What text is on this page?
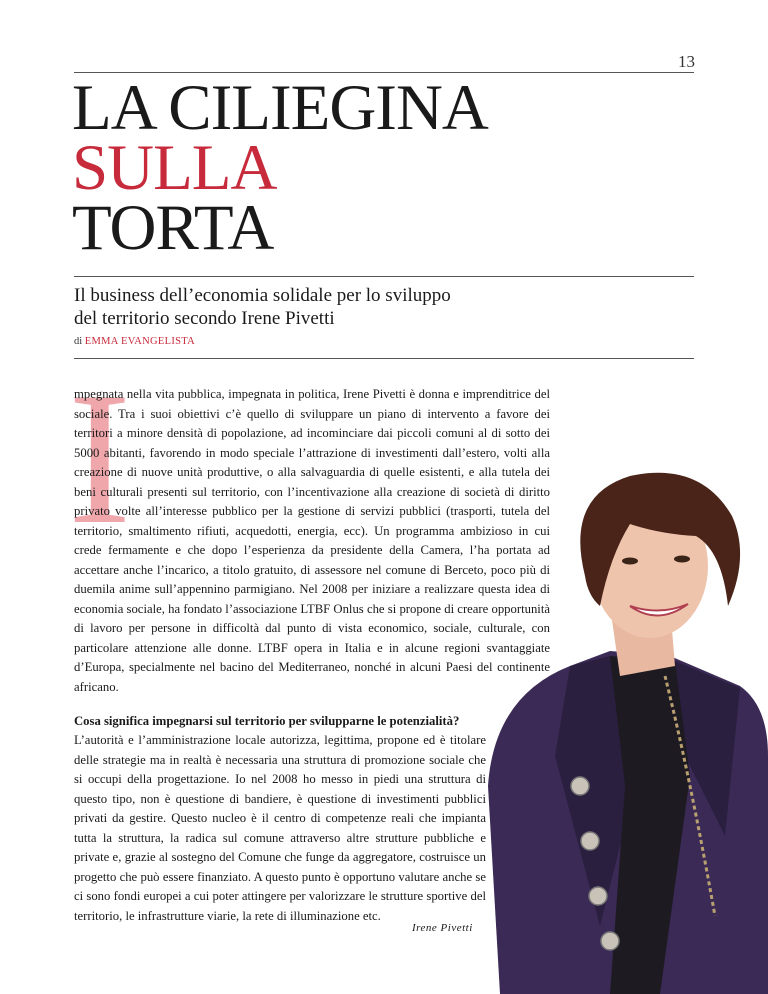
13
LA CILIEGINA
SULLA
TORTA

Il business dell’economia solidale per lo sviluppo
del territorio secondo Irene Pivetti

di EMMA EVANGELISTA
I

mpegnata nella vita pubblica, impegnata in politica, Irene Pivetti è donna e imprenditrice del sociale. Tra i suoi obiettivi c’è quello di sviluppare un piano di intervento a favore dei territori a minore densità di popolazione, ad incominciare dai piccoli comuni al di sotto dei 5000 abitanti, favorendo in modo speciale l’attrazione di investimenti dall’estero, volti alla creazione di nuove unità produttive, o alla salvaguardia di quelle esistenti, e alla tutela dei beni culturali presenti sul territorio, con l’incentivazione alla creazione di società di diritto privato volte all’interesse pubblico per la gestione di servizi pubblici (trasporti, tutela del territorio, smaltimento rifiuti, acquedotti, energia, ecc). Un programma ambizioso in cui crede fermamente e che dopo l’esperienza da presidente della Camera, l’ha portata ad accettare anche l’incarico, a titolo gratuito, di assessore nel comune di Berceto, poco più di duemila anime sull’appennino parmigiano. Nel 2008 per iniziare a realizzare questa idea di economia sociale, ha fondato l’associazione LTBF Onlus che si propone di creare opportunità di lavoro per persone in difficoltà dal punto di vista economico, sociale, culturale, con particolare attenzione alle donne. LTBF opera in Italia e in alcune regioni svantaggiate d’Europa, specialmente nel bacino del Mediterraneo, nonché in alcuni Paesi del continente africano.

Cosa significa impegnarsi sul territorio per svilupparne le potenzialità?

L’autorità e l’amministrazione locale autorizza, legittima, propone ed è titolare delle strategie ma in realtà è necessaria una struttura di promozione sociale che si occupi della progettazione. Io nel 2008 ho messo in piedi una struttura di questo tipo, non è questione di bandiere, è questione di investimenti pubblici privati da gestire. Questo nucleo è il centro di competenze reali che impianta tutta la struttura, la radica sul comune attraverso altre strutture pubbliche e private e, grazie al sostegno del Comune che funge da aggregatore, costruisce un progetto che può essere finanziato. A questo punto è opportuno valutare anche se ci sono fondi europei a cui poter attingere per valorizzare le strutture sportive del territorio, le infrastrutture viarie, la rete di illuminazione etc.

Irene Pivetti
